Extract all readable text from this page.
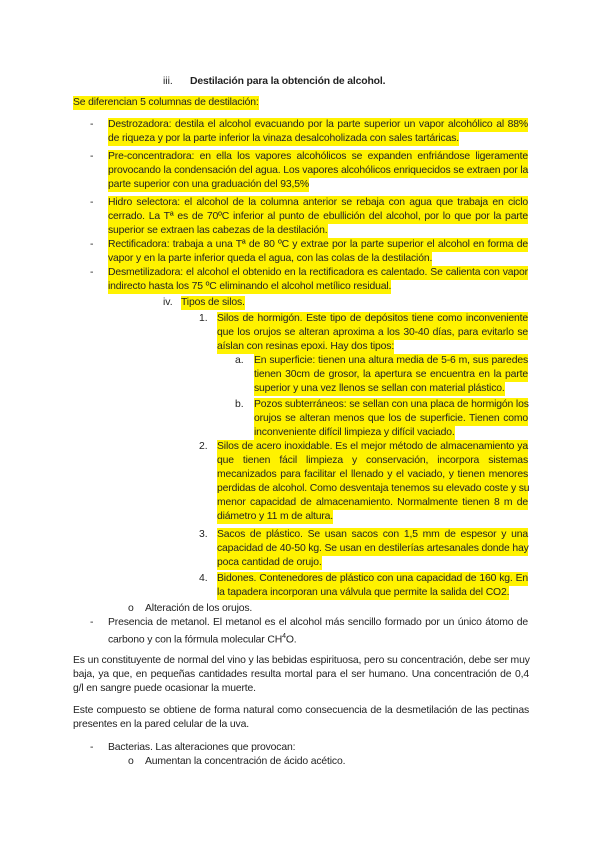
iii. Destilación para la obtención de alcohol.
Se diferencian 5 columnas de destilación:
- Destrozadora: destila el alcohol evacuando por la parte superior un vapor alcohólico al 88%
de riqueza y por la parte inferior la vinaza desalcoholizada con sales tartáricas.
- Pre-concentradora: en ella los vapores alcohólicos se expanden enfriándose ligeramente
provocando la condensación del agua. Los vapores alcohólicos enriquecidos se extraen por la
parte superior con una graduación del 93,5%
- Hidro selectora: el alcohol de la columna anterior se rebaja con agua que trabaja en ciclo
cerrado. La Tª es de 70ºC inferior al punto de ebullición del alcohol, por lo que por la parte
superior se extraen las cabezas de la destilación.
- Rectificadora: trabaja a una Tª de 80 ºC y extrae por la parte superior el alcohol en forma de
vapor y en la parte inferior queda el agua, con las colas de la destilación.
- Desmetilizadora: el alcohol el obtenido en la rectificadora es calentado. Se calienta con vapor
indirecto hasta los 75 ºC eliminando el alcohol metílico residual.
iv. Tipos de silos.
1. Silos de hormigón. Este tipo de depósitos tiene como inconveniente
que los orujos se alteran aproxima a los 30-40 días, para evitarlo se
aíslan con resinas epoxi. Hay dos tipos:
a. En superficie: tienen una altura media de 5-6 m, sus paredes
tienen 30cm de grosor, la apertura se encuentra en la parte
superior y una vez llenos se sellan con material plástico.
b. Pozos subterráneos: se sellan con una placa de hormigón los
orujos se alteran menos que los de superficie. Tienen como
inconveniente difícil limpieza y difícil vaciado.
2. Silos de acero inoxidable. Es el mejor método de almacenamiento ya
que tienen fácil limpieza y conservación, incorpora sistemas
mecanizados para facilitar el llenado y el vaciado, y tienen menores
perdidas de alcohol. Como desventaja tenemos su elevado coste y su
menor capacidad de almacenamiento. Normalmente tienen 8 m de
diámetro y 11 m de altura.
3. Sacos de plástico. Se usan sacos con 1,5 mm de espesor y una
capacidad de 40-50 kg. Se usan en destilerías artesanales donde hay
poca cantidad de orujo.
4. Bidones. Contenedores de plástico con una capacidad de 160 kg. En
la tapadera incorporan una válvula que permite la salida del CO2.
o Alteración de los orujos.
- Presencia de metanol. El metanol es el alcohol más sencillo formado por un único átomo de
carbono y con la fórmula molecular $CH^4O$.
Es un constituyente de normal del vino y las bebidas espirituosa, pero su concentración, debe ser muy
baja, ya que, en pequeñas cantidades resulta mortal para el ser humano. Una concentración de 0,4
g/l en sangre puede ocasionar la muerte.
Este compuesto se obtiene de forma natural como consecuencia de la desmetilación de las pectinas
presentes en la pared celular de la uva.
- Bacterias. Las alteraciones que provocan:
o Aumentan la concentración de ácido acético.
